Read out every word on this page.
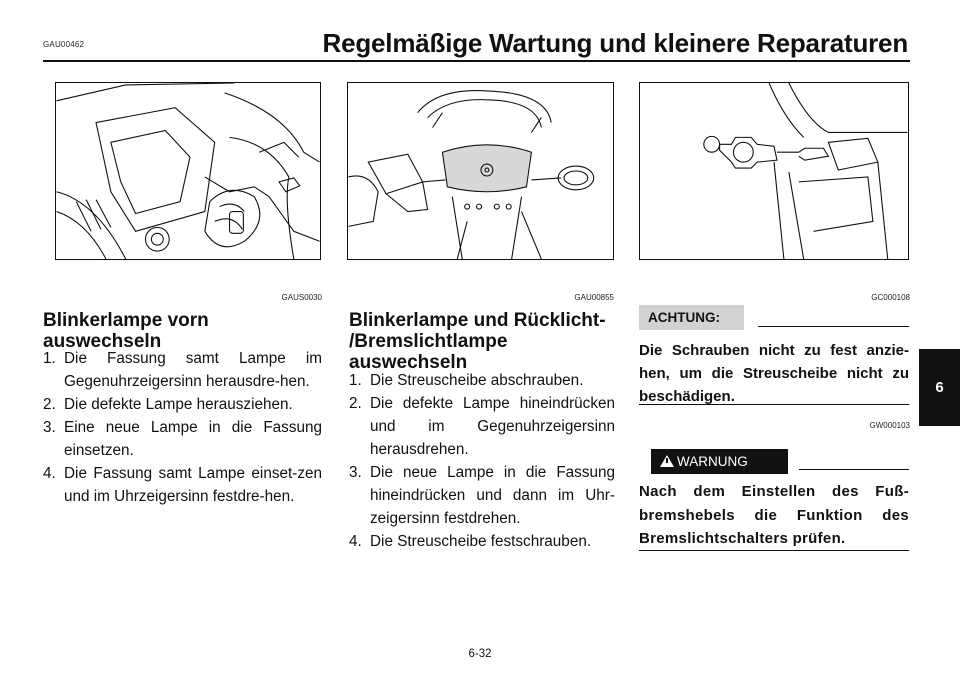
GAU00462	Regelmäßige Wartung und kleinere Reparaturen
GAUS0030
Blinkerlampe vorn auswechseln
1. Die Fassung samt Lampe im Gegenuhrzeigersinn herausdre-hen.
2. Die defekte Lampe herausziehen.
3. Eine neue Lampe in die Fassung einsetzen.
4. Die Fassung samt Lampe einset-zen und im Uhrzeigersinn festdre-hen.
GAU00855
Blinkerlampe und Rücklicht- /Bremslichtlampe auswechseln
1. Die Streuscheibe abschrauben.
2. Die defekte Lampe hineindrücken und im Gegenuhrzeigersinn herausdrehen.
3. Die neue Lampe in die Fassung hineindrücken und dann im Uhr-zeigersinn festdrehen.
4. Die Streuscheibe festschrauben.
GC000108
ACHTUNG:

Die Schrauben nicht zu fest anzie-hen, um die Streuscheibe nicht zu beschädigen.

GW000103
WARNUNG

Nach dem Einstellen des Fuß-bremshebels die Funktion des Bremslichtschalters prüfen.

6
6-32
